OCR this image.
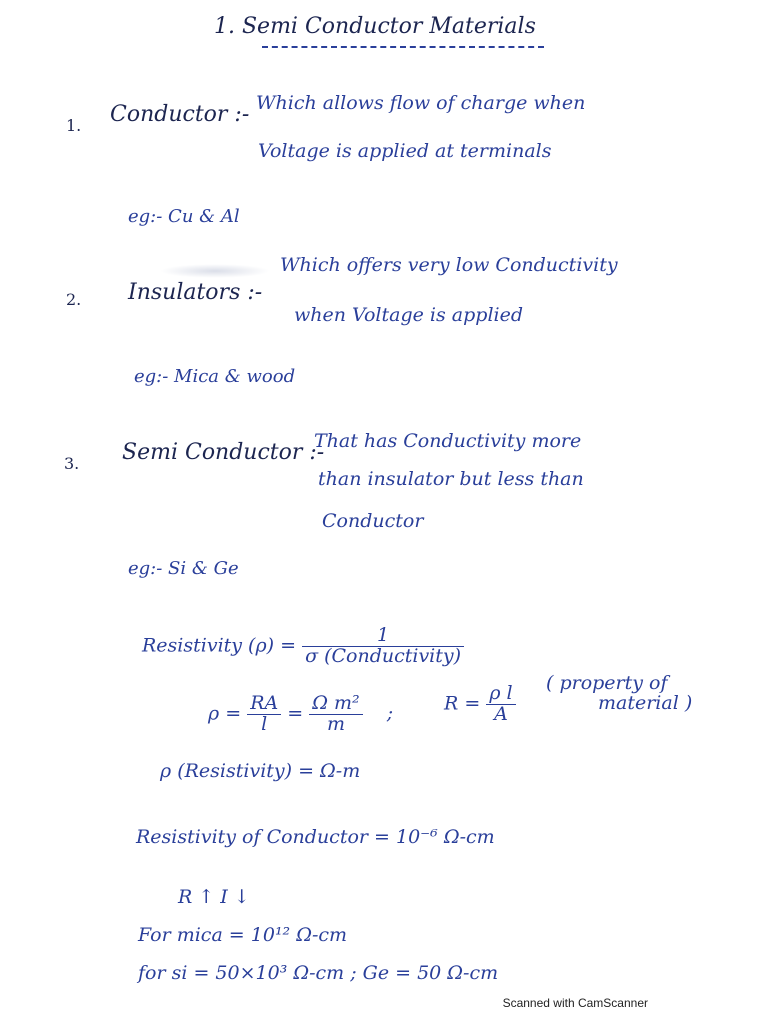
1. Semi Conductor Materials
1. Conductor :- Which allows flow of charge when
Voltage is applied at terminals
eg:- Cu & Al
2. Insulators :-
Which offers very low Conductivity
when Voltage is applied
eg:- Mica & wood
3. Semi Conductor :-
That has Conductivity more
than insulator but less than
Conductor
eg:- Si & Ge
Resistivity $(\rho) = \frac{1}{\text{σ (Conductivity)}}$
$\rho = \frac{RA}{l} = \frac{\text{Ω m²}}{m}$ ;	$R = \frac{\text{ρ l}}{A}$
( property of
material )
ρ (Resistivity) = Ω-m
Resistivity of Conductor = 10⁻⁶ Ω-cm
R ↑ I ↓
For mica = 10¹² Ω-cm
for si = 50×10³ Ω-cm ; Ge = 50 Ω-cm
Scanned with CamScanner
